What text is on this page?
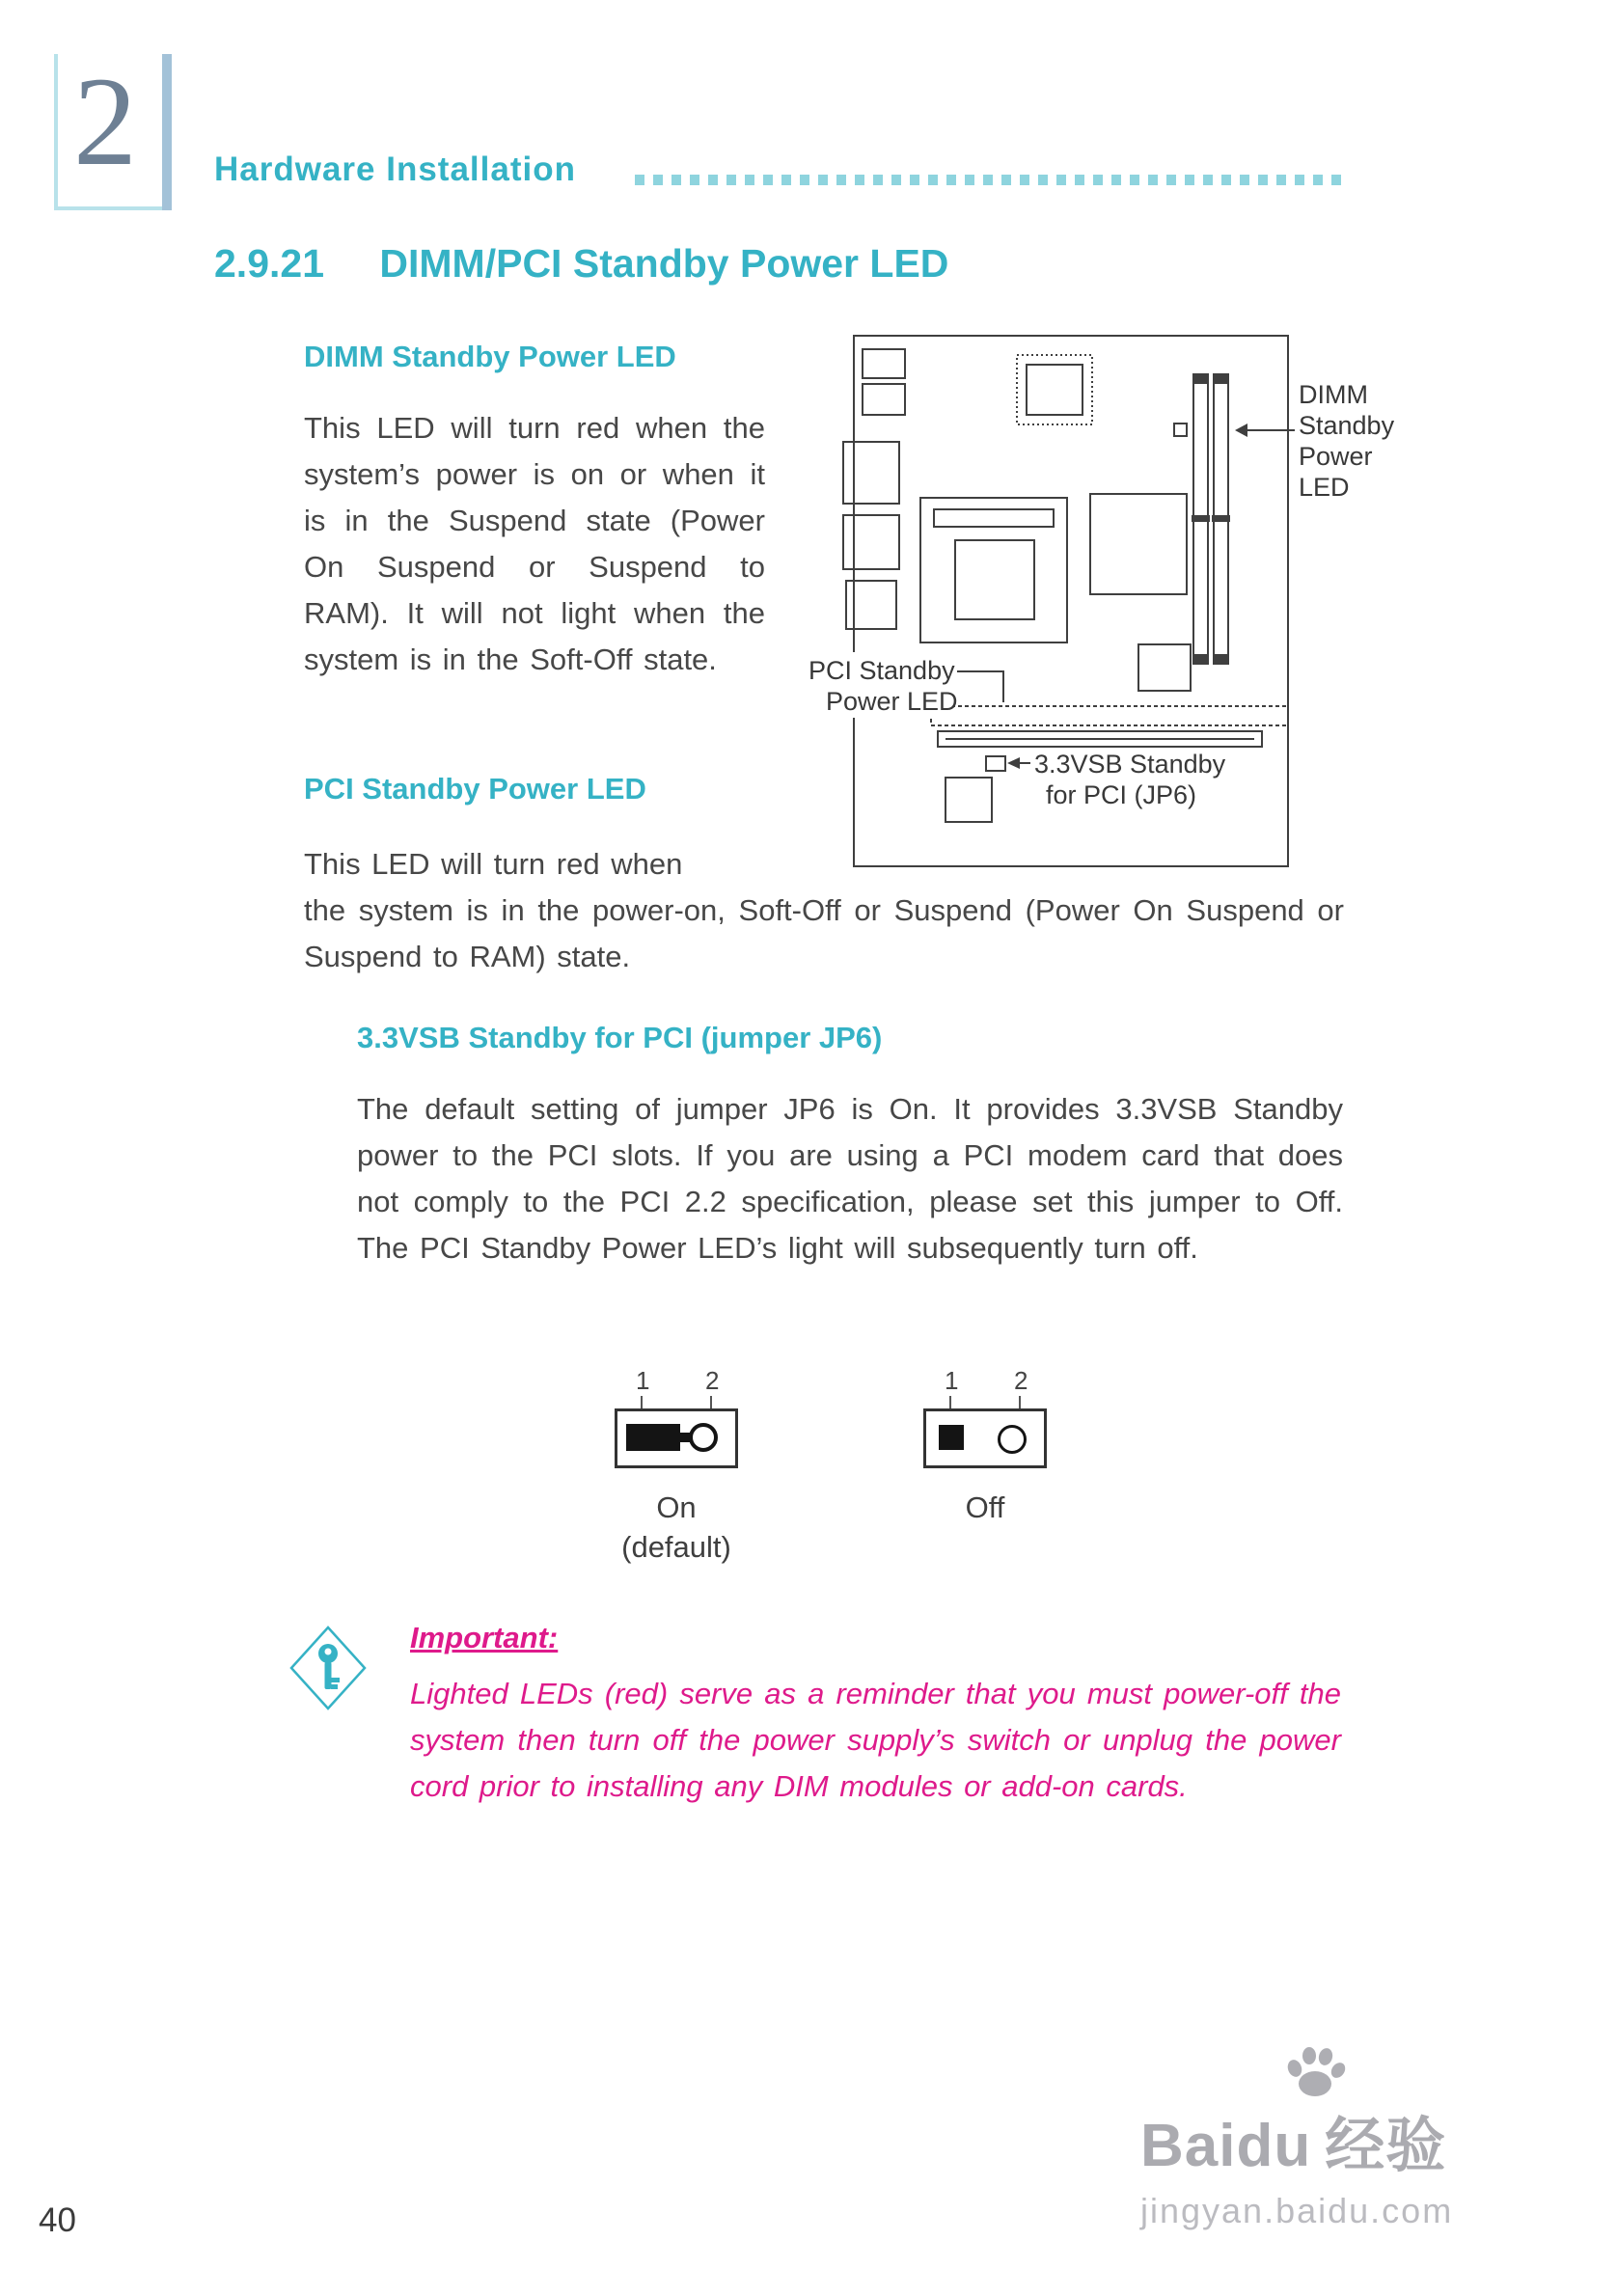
2 Hardware Installation
2.9.21 DIMM/PCI Standby Power LED
DIMM Standby Power LED
This LED will turn red when the system’s power is on or when it is in the Suspend state (Power On Suspend or Suspend to RAM). It will not light when the system is in the Soft-Off state.	PCI Standby
Power LED
DIMM
Standby
Power
LED
3.3VSB Standby
for PCI (JP6)
PCI Standby Power LED
This LED will turn red when
the system is in the power-on, Soft-Off or Suspend (Power On Suspend or Suspend to RAM) state.
3.3VSB Standby for PCI (jumper JP6)
The default setting of jumper JP6 is On. It provides 3.3VSB Standby power to the PCI slots. If you are using a PCI modem card that does not comply to the PCI 2.2 specification, please set this jumper to Off. The PCI Standby Power LED’s light will subsequently turn off.
1 2
On
(default)
1 2
Off
Important:
Lighted LEDs (red) serve as a reminder that you must power-off the system then turn off the power supply’s switch or unplug the power cord prior to installing any DIM modules or add-on cards.
40
Baidu 经验
jingyan.baidu.com
